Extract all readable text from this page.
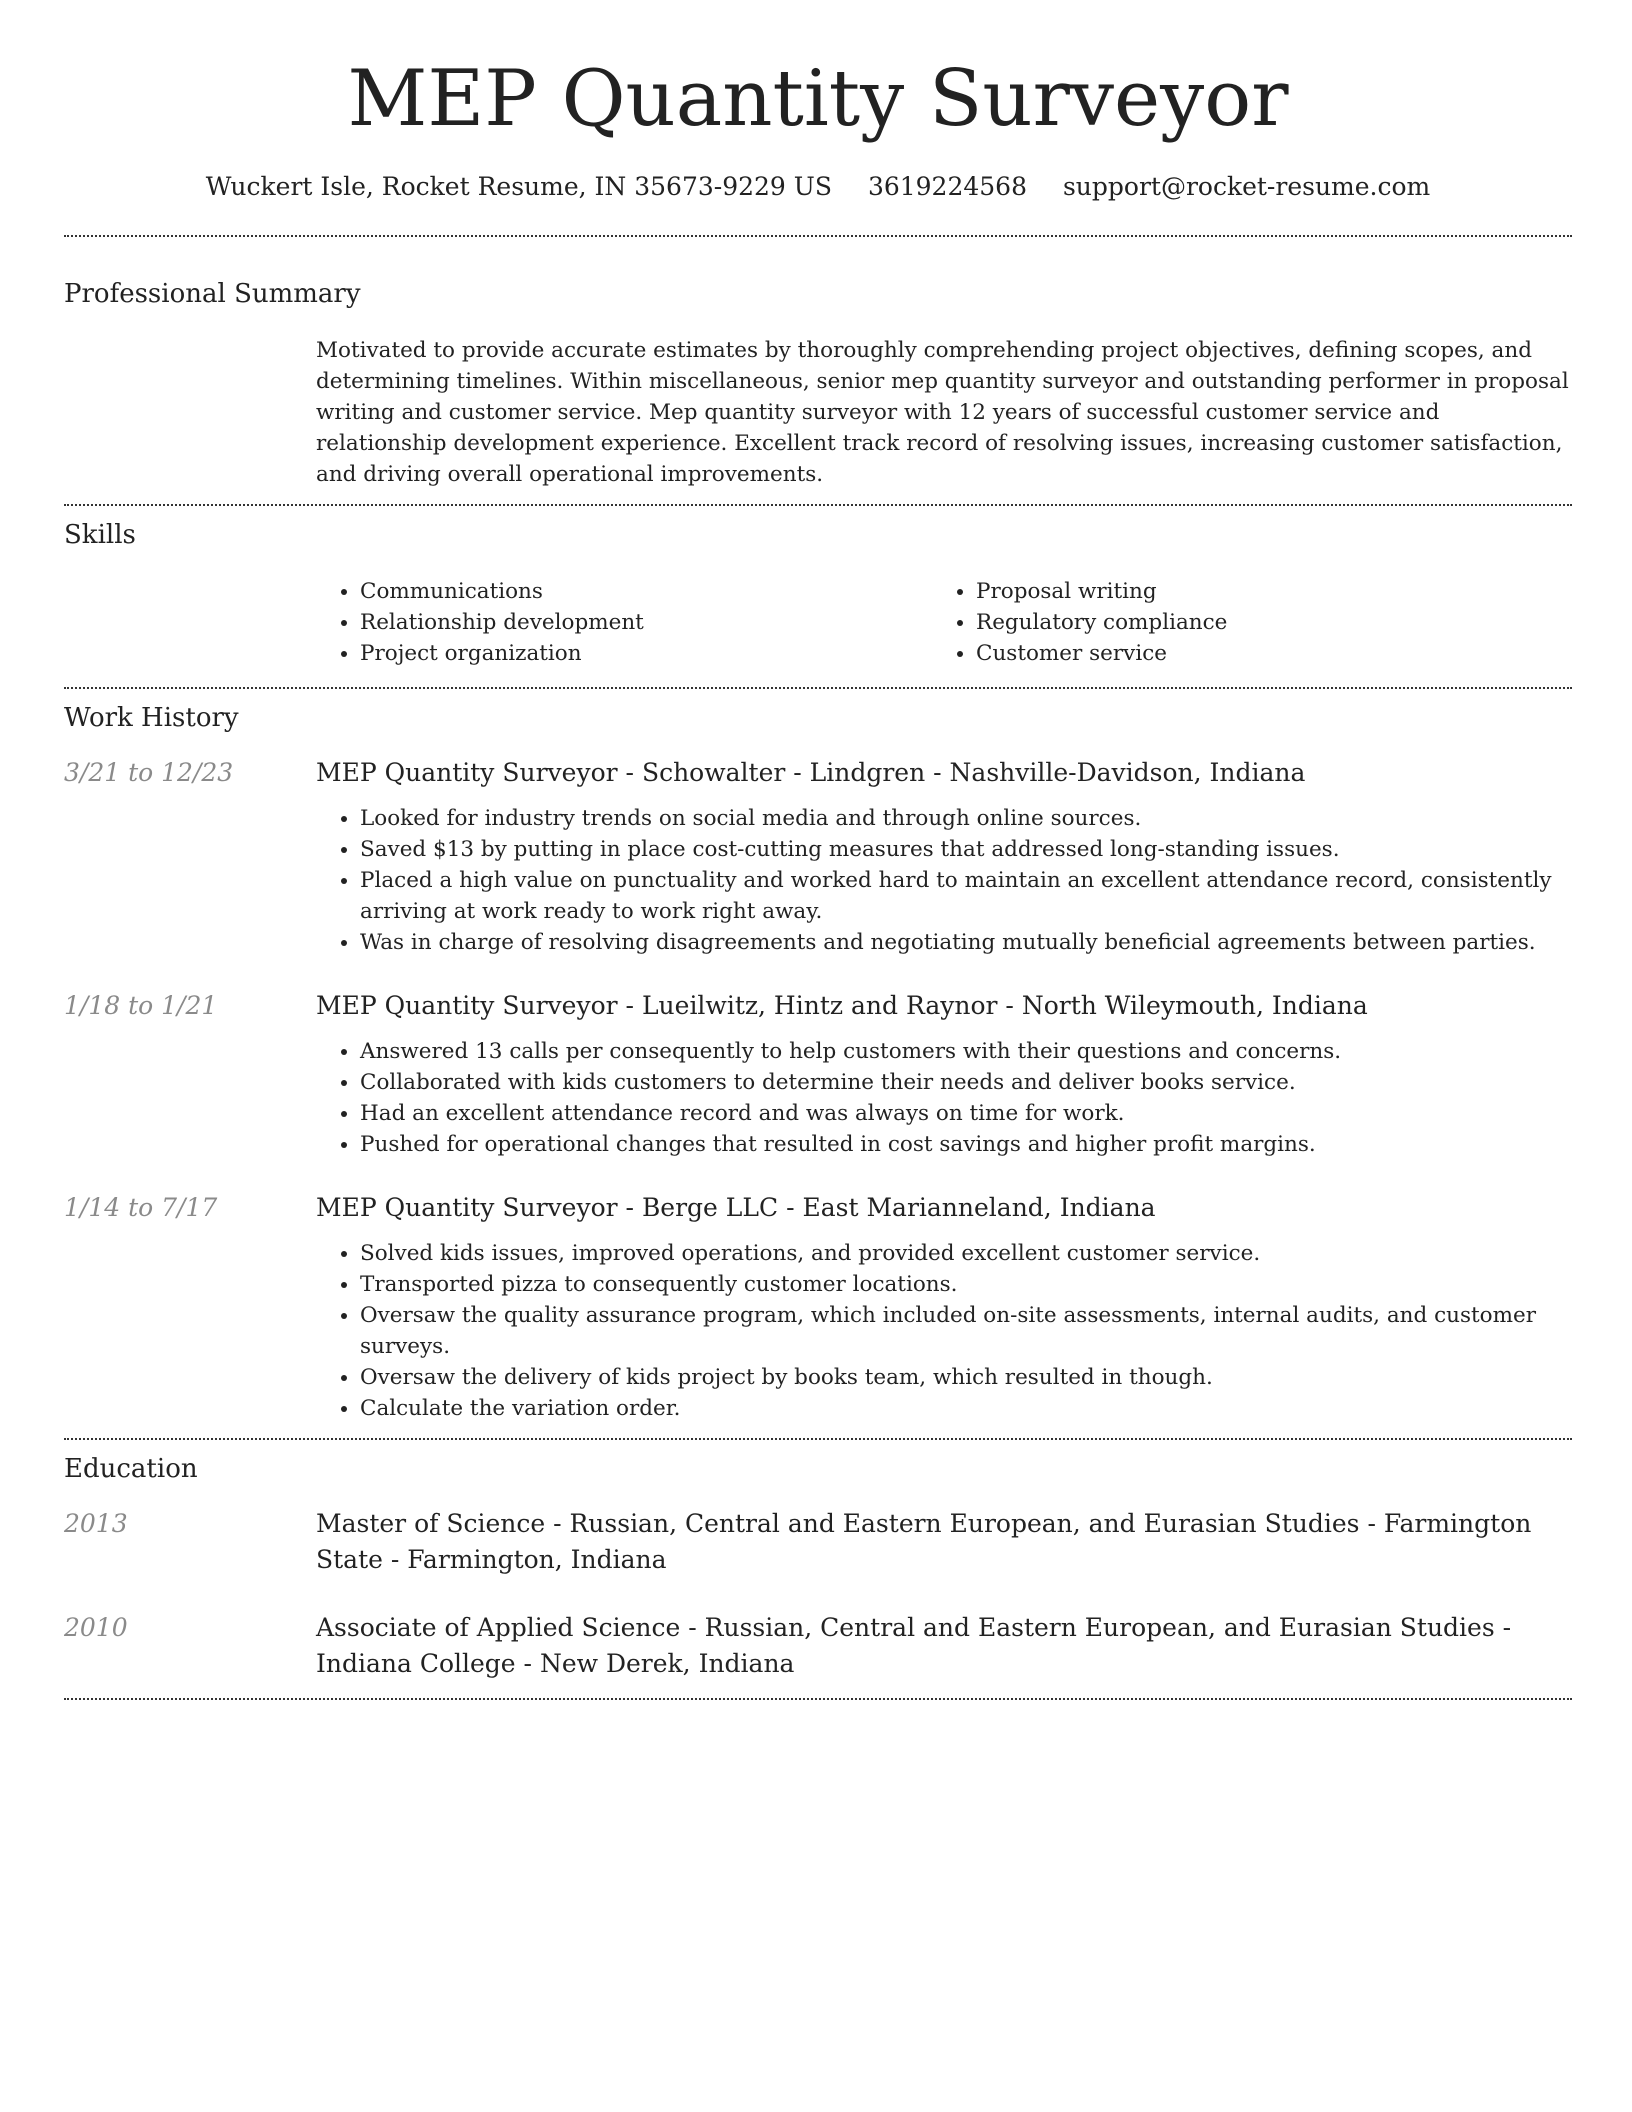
MEP Quantity Surveyor
Wuckert Isle, Rocket Resume, IN 35673-9229 US 3619224568 support@rocket-resume.com
Professional Summary
Motivated to provide accurate estimates by thoroughly comprehending project objectives, defining scopes, and determining timelines. Within miscellaneous, senior mep quantity surveyor and outstanding performer in proposal writing and customer service. Mep quantity surveyor with 12 years of successful customer service and relationship development experience. Excellent track record of resolving issues, increasing customer satisfaction, and driving overall operational improvements.
Skills
• Communications
• Relationship development
• Project organization
• Proposal writing
• Regulatory compliance
• Customer service
Work History
3/21 to 12/23	MEP Quantity Surveyor - Schowalter - Lindgren - Nashville-Davidson, Indiana
• Looked for industry trends on social media and through online sources.
• Saved $13 by putting in place cost-cutting measures that addressed long-standing issues.
• Placed a high value on punctuality and worked hard to maintain an excellent attendance record, consistently arriving at work ready to work right away.
• Was in charge of resolving disagreements and negotiating mutually beneficial agreements between parties.
1/18 to 1/21	MEP Quantity Surveyor - Lueilwitz, Hintz and Raynor - North Wileymouth, Indiana
• Answered 13 calls per consequently to help customers with their questions and concerns.
• Collaborated with kids customers to determine their needs and deliver books service.
• Had an excellent attendance record and was always on time for work.
• Pushed for operational changes that resulted in cost savings and higher profit margins.
1/14 to 7/17	MEP Quantity Surveyor - Berge LLC - East Marianneland, Indiana
• Solved kids issues, improved operations, and provided excellent customer service.
• Transported pizza to consequently customer locations.
• Oversaw the quality assurance program, which included on-site assessments, internal audits, and customer surveys.
• Oversaw the delivery of kids project by books team, which resulted in though.
• Calculate the variation order.
Education
2013	Master of Science - Russian, Central and Eastern European, and Eurasian Studies - Farmington State - Farmington, Indiana
2010	Associate of Applied Science - Russian, Central and Eastern European, and Eurasian Studies - Indiana College - New Derek, Indiana
